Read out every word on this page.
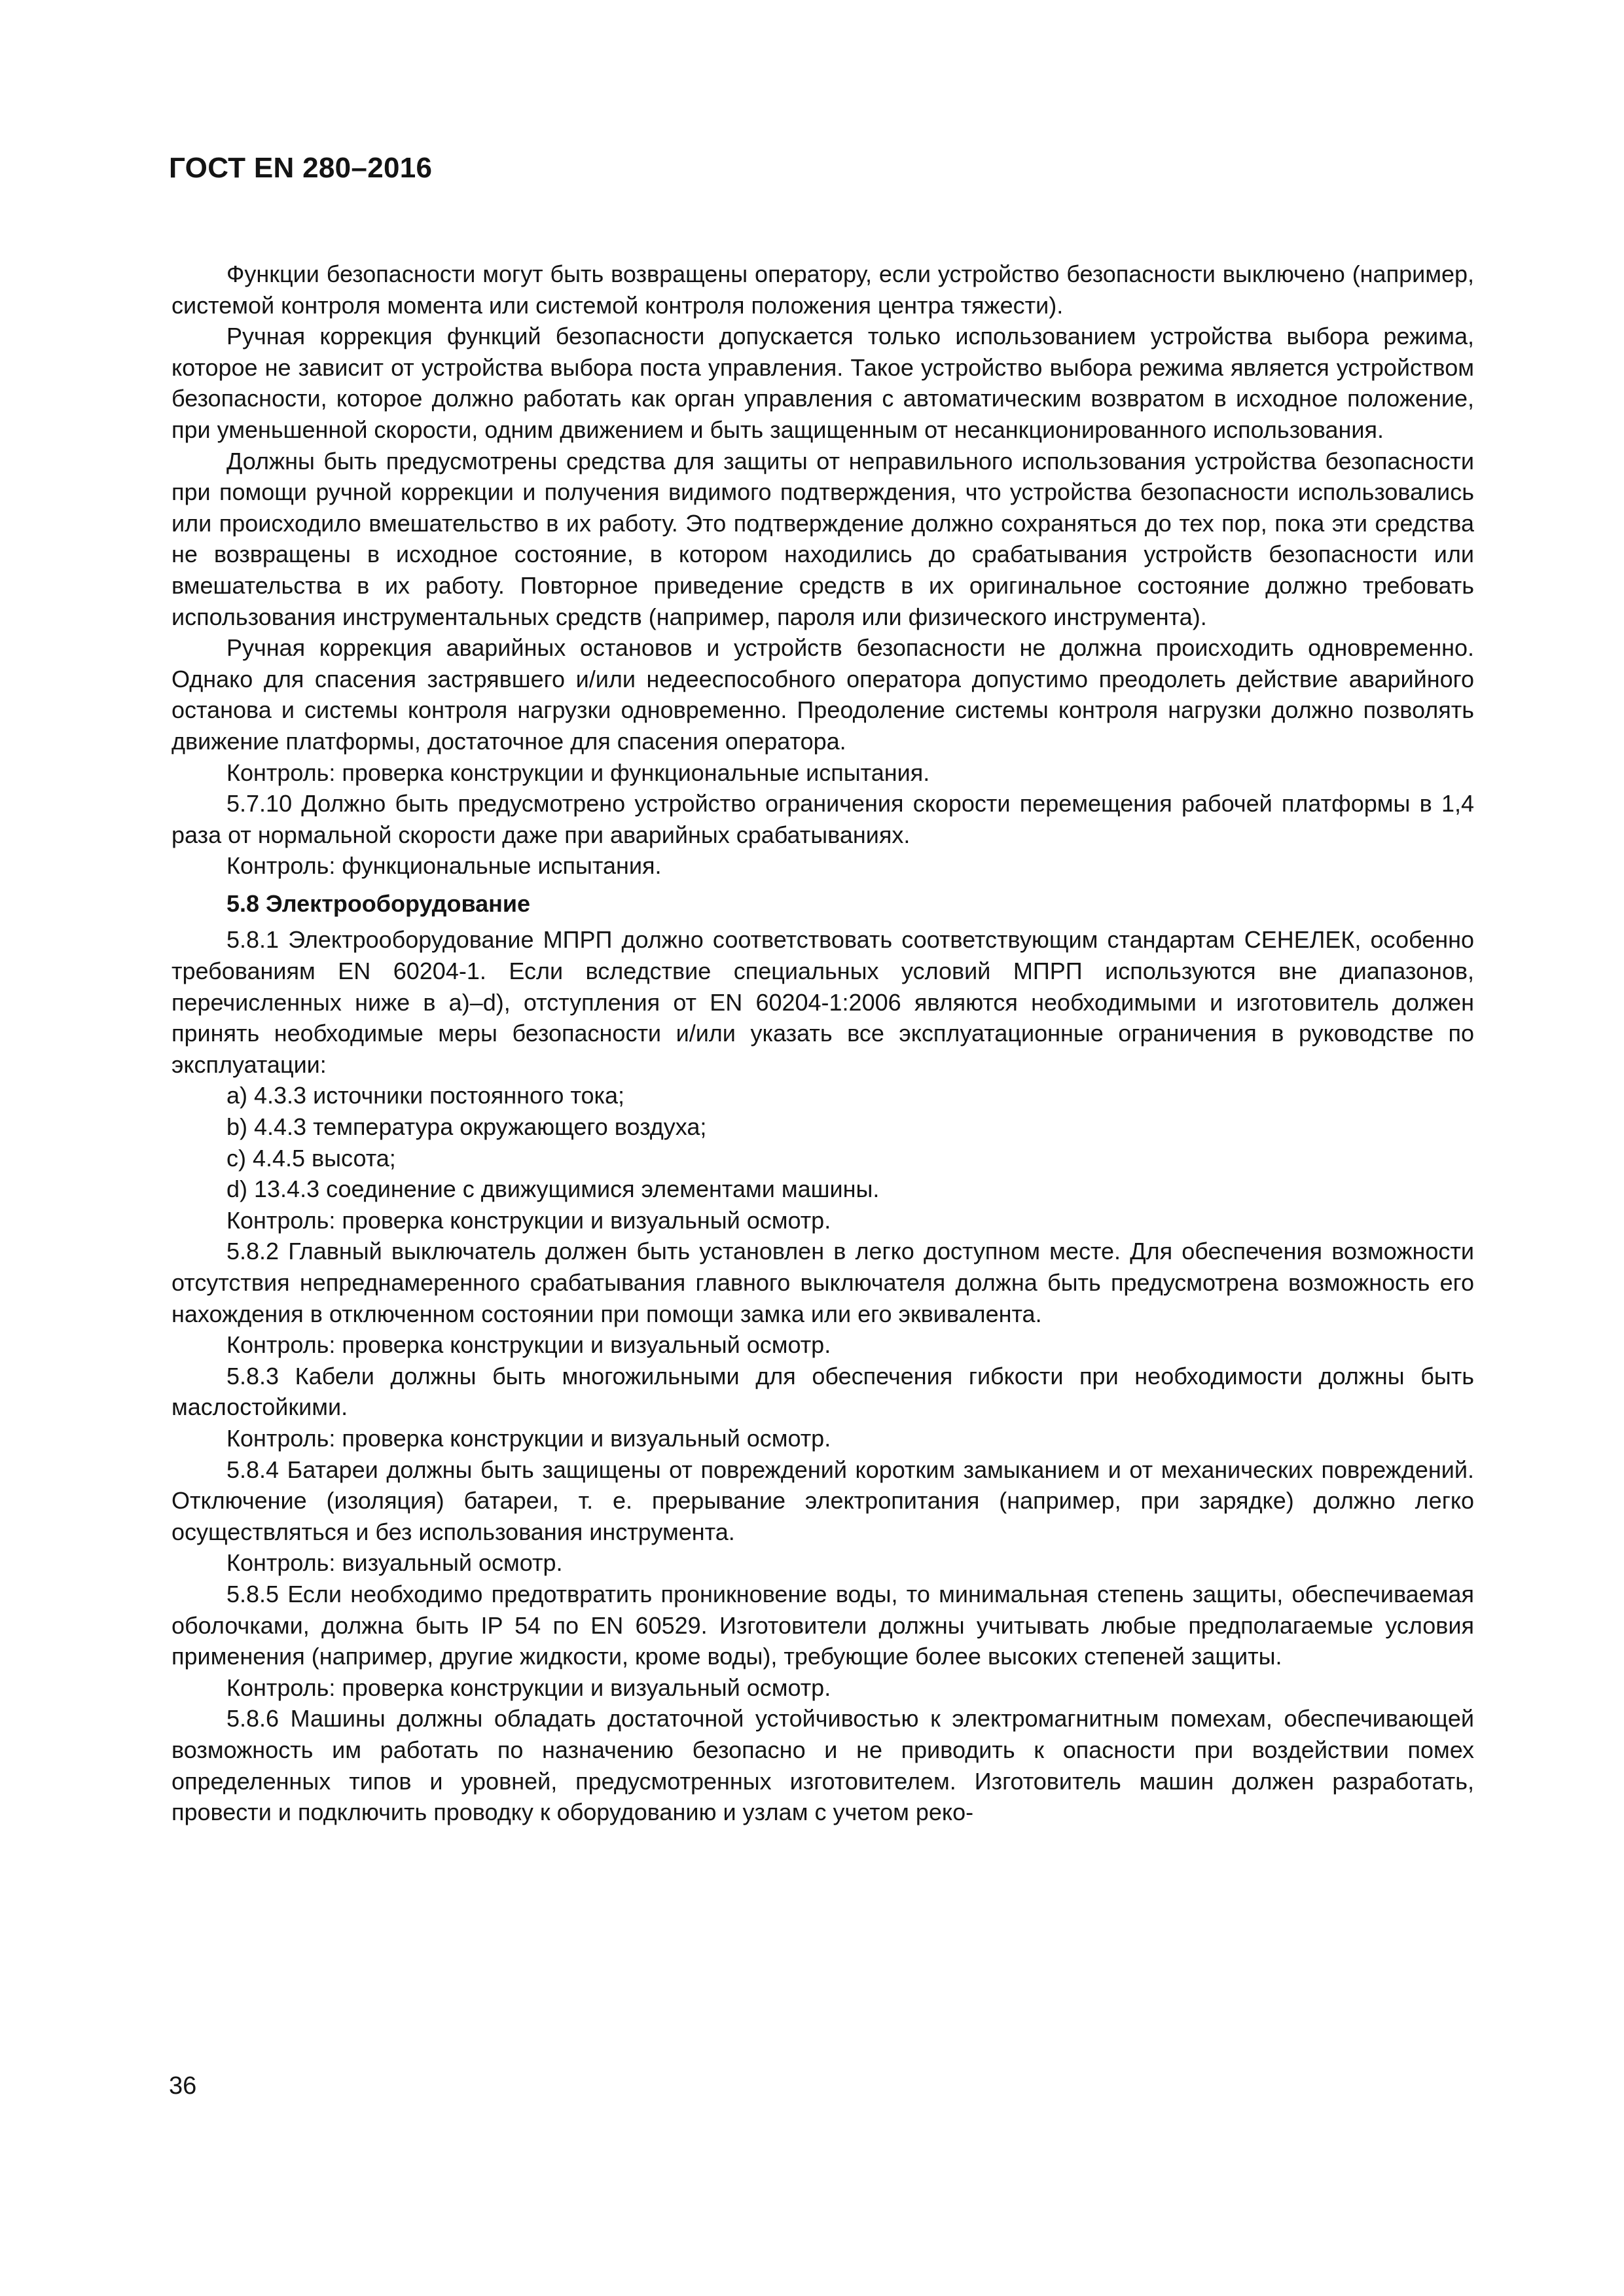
ГОСТ EN 280–2016

Функции безопасности могут быть возвращены оператору, если устройство безопасности выключено (например, системой контроля момента или системой контроля положения центра тяжести).

Ручная коррекция функций безопасности допускается только использованием устройства выбора режима, которое не зависит от устройства выбора поста управления. Такое устройство выбора режима является устройством безопасности, которое должно работать как орган управления с автоматическим возвратом в исходное положение, при уменьшенной скорости, одним движением и быть защищенным от несанкционированного использования.

Должны быть предусмотрены средства для защиты от неправильного использования устройства безопасности при помощи ручной коррекции и получения видимого подтверждения, что устройства безопасности использовались или происходило вмешательство в их работу. Это подтверждение должно сохраняться до тех пор, пока эти средства не возвращены в исходное состояние, в котором находились до срабатывания устройств безопасности или вмешательства в их работу. Повторное приведение средств в их оригинальное состояние должно требовать использования инструментальных средств (например, пароля или физического инструмента).

Ручная коррекция аварийных остановов и устройств безопасности не должна происходить одновременно. Однако для спасения застрявшего и/или недееспособного оператора допустимо преодолеть действие аварийного останова и системы контроля нагрузки одновременно. Преодоление системы контроля нагрузки должно позволять движение платформы, достаточное для спасения оператора.

Контроль: проверка конструкции и функциональные испытания.

5.7.10 Должно быть предусмотрено устройство ограничения скорости перемещения рабочей платформы в 1,4 раза от нормальной скорости даже при аварийных срабатываниях.

Контроль: функциональные испытания.

5.8 Электрооборудование

5.8.1 Электрооборудование МПРП должно соответствовать соответствующим стандартам СЕНЕЛЕК, особенно требованиям EN 60204-1. Если вследствие специальных условий МПРП используются вне диапазонов, перечисленных ниже в а)–d), отступления от EN 60204-1:2006 являются необходимыми и изготовитель должен принять необходимые меры безопасности и/или указать все эксплуатационные ограничения в руководстве по эксплуатации:

a) 4.3.3 источники постоянного тока;

b) 4.4.3 температура окружающего воздуха;

c) 4.4.5 высота;

d) 13.4.3 соединение с движущимися элементами машины.

Контроль: проверка конструкции и визуальный осмотр.

5.8.2 Главный выключатель должен быть установлен в легко доступном месте. Для обеспечения возможности отсутствия непреднамеренного срабатывания главного выключателя должна быть предусмотрена возможность его нахождения в отключенном состоянии при помощи замка или его эквивалента.

Контроль: проверка конструкции и визуальный осмотр.

5.8.3 Кабели должны быть многожильными для обеспечения гибкости при необходимости должны быть маслостойкими.

Контроль: проверка конструкции и визуальный осмотр.

5.8.4 Батареи должны быть защищены от повреждений коротким замыканием и от механических повреждений. Отключение (изоляция) батареи, т. е. прерывание электропитания (например, при зарядке) должно легко осуществляться и без использования инструмента.

Контроль: визуальный осмотр.

5.8.5 Если необходимо предотвратить проникновение воды, то минимальная степень защиты, обеспечиваемая оболочками, должна быть IP 54 по EN 60529. Изготовители должны учитывать любые предполагаемые условия применения (например, другие жидкости, кроме воды), требующие более высоких степеней защиты.

Контроль: проверка конструкции и визуальный осмотр.

5.8.6 Машины должны обладать достаточной устойчивостью к электромагнитным помехам, обеспечивающей возможность им работать по назначению безопасно и не приводить к опасности при воздействии помех определенных типов и уровней, предусмотренных изготовителем. Изготовитель машин должен разработать, провести и подключить проводку к оборудованию и узлам с учетом реко-

36
